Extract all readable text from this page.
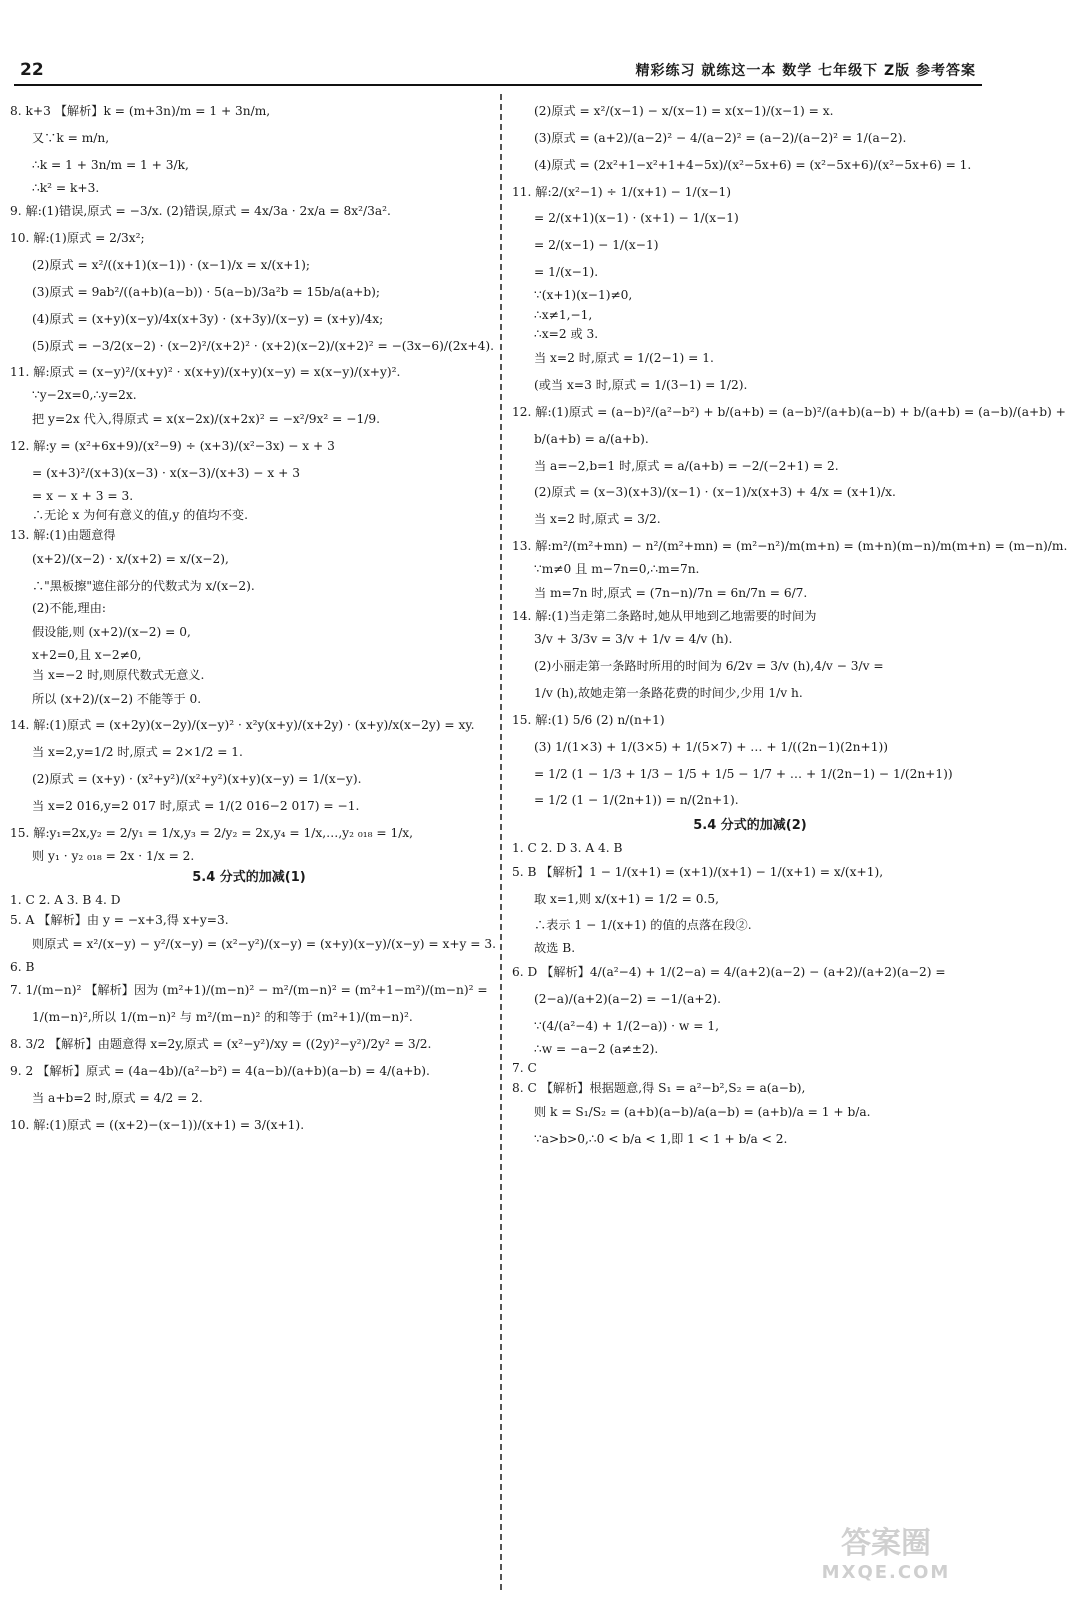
22	精彩练习 就练这一本 数学 七年级下 Z版 参考答案
8. k+3 【解析】k = (m+3n)/m = 1 + 3n/m,
又∵k = m/n,
∴k = 1 + 3n/m = 1 + 3/k,
∴k² = k+3.
9. 解:(1)错误,原式 = −3/x. (2)错误,原式 = 4x/3a · 2x/a = 8x²/3a².
10. 解:(1)原式 = 2/3x²;
(2)原式 = x²/((x+1)(x−1)) · (x−1)/x = x/(x+1);
(3)原式 = 9ab²/((a+b)(a−b)) · 5(a−b)/3a²b = 15b/a(a+b);
(4)原式 = (x+y)(x−y)/4x(x+3y) · (x+3y)/(x−y) = (x+y)/4x;
(5)原式 = −3/2(x−2) · (x−2)²/(x+2)² · (x+2)(x−2)/(x+2)² = −(3x−6)/(2x+4).
11. 解:原式 = (x−y)²/(x+y)² · x(x+y)/(x+y)(x−y) = x(x−y)/(x+y)².
∵y−2x=0,∴y=2x.
把 y=2x 代入,得原式 = x(x−2x)/(x+2x)² = −x²/9x² = −1/9.
12. 解:y = (x²+6x+9)/(x²−9) ÷ (x+3)/(x²−3x) − x + 3
= (x+3)²/(x+3)(x−3) · x(x−3)/(x+3) − x + 3
= x − x + 3 = 3.
∴无论 x 为何有意义的值,y 的值均不变.
13. 解:(1)由题意得
(x+2)/(x−2) · x/(x+2) = x/(x−2),
∴"黑板擦"遮住部分的代数式为 x/(x−2).
(2)不能,理由:
假设能,则 (x+2)/(x−2) = 0,
x+2=0,且 x−2≠0,
当 x=−2 时,则原代数式无意义.
所以 (x+2)/(x−2) 不能等于 0.
14. 解:(1)原式 = (x+2y)(x−2y)/(x−y)² · x²y(x+y)/(x+2y) · (x+y)/x(x−2y) = xy.
当 x=2,y=1/2 时,原式 = 2×1/2 = 1.
(2)原式 = (x+y) · (x²+y²)/(x²+y²)(x+y)(x−y) = 1/(x−y).
当 x=2 016,y=2 017 时,原式 = 1/(2 016−2 017) = −1.
15. 解:y₁=2x,y₂ = 2/y₁ = 1/x,y₃ = 2/y₂ = 2x,y₄ = 1/x,…,y₂ ₀₁₈ = 1/x,
则 y₁ · y₂ ₀₁₈ = 2x · 1/x = 2.
5.4 分式的加减(1)
1. C 2. A 3. B 4. D
5. A 【解析】由 y = −x+3,得 x+y=3.
则原式 = x²/(x−y) − y²/(x−y) = (x²−y²)/(x−y) = (x+y)(x−y)/(x−y) = x+y = 3.
6. B
7. 1/(m−n)² 【解析】因为 (m²+1)/(m−n)² − m²/(m−n)² = (m²+1−m²)/(m−n)² =
1/(m−n)²,所以 1/(m−n)² 与 m²/(m−n)² 的和等于 (m²+1)/(m−n)².
8. 3/2 【解析】由题意得 x=2y,原式 = (x²−y²)/xy = ((2y)²−y²)/2y² = 3/2.
9. 2 【解析】原式 = (4a−4b)/(a²−b²) = 4(a−b)/(a+b)(a−b) = 4/(a+b).
当 a+b=2 时,原式 = 4/2 = 2.
10. 解:(1)原式 = ((x+2)−(x−1))/(x+1) = 3/(x+1).
(2)原式 = x²/(x−1) − x/(x−1) = x(x−1)/(x−1) = x.
(3)原式 = (a+2)/(a−2)² − 4/(a−2)² = (a−2)/(a−2)² = 1/(a−2).
(4)原式 = (2x²+1−x²+1+4−5x)/(x²−5x+6) = (x²−5x+6)/(x²−5x+6) = 1.
11. 解:2/(x²−1) ÷ 1/(x+1) − 1/(x−1)
= 2/(x+1)(x−1) · (x+1) − 1/(x−1)
= 2/(x−1) − 1/(x−1)
= 1/(x−1).
∵(x+1)(x−1)≠0,
∴x≠1,−1,
∴x=2 或 3.
当 x=2 时,原式 = 1/(2−1) = 1.
(或当 x=3 时,原式 = 1/(3−1) = 1/2).
12. 解:(1)原式 = (a−b)²/(a²−b²) + b/(a+b) = (a−b)²/(a+b)(a−b) + b/(a+b) = (a−b)/(a+b) +
b/(a+b) = a/(a+b).
当 a=−2,b=1 时,原式 = a/(a+b) = −2/(−2+1) = 2.
(2)原式 = (x−3)(x+3)/(x−1) · (x−1)/x(x+3) + 4/x = (x+1)/x.
当 x=2 时,原式 = 3/2.
13. 解:m²/(m²+mn) − n²/(m²+mn) = (m²−n²)/m(m+n) = (m+n)(m−n)/m(m+n) = (m−n)/m.
∵m≠0 且 m−7n=0,∴m=7n.
当 m=7n 时,原式 = (7n−n)/7n = 6n/7n = 6/7.
14. 解:(1)当走第二条路时,她从甲地到乙地需要的时间为
3/v + 3/3v = 3/v + 1/v = 4/v (h).
(2)小丽走第一条路时所用的时间为 6/2v = 3/v (h),4/v − 3/v =
1/v (h),故她走第一条路花费的时间少,少用 1/v h.
15. 解:(1) 5/6 (2) n/(n+1)
(3) 1/(1×3) + 1/(3×5) + 1/(5×7) + … + 1/((2n−1)(2n+1))
= 1/2 (1 − 1/3 + 1/3 − 1/5 + 1/5 − 1/7 + … + 1/(2n−1) − 1/(2n+1))
= 1/2 (1 − 1/(2n+1)) = n/(2n+1).
5.4 分式的加减(2)
1. C 2. D 3. A 4. B
5. B 【解析】1 − 1/(x+1) = (x+1)/(x+1) − 1/(x+1) = x/(x+1),
取 x=1,则 x/(x+1) = 1/2 = 0.5,
∴表示 1 − 1/(x+1) 的值的点落在段②.
故选 B.
6. D 【解析】4/(a²−4) + 1/(2−a) = 4/(a+2)(a−2) − (a+2)/(a+2)(a−2) =
(2−a)/(a+2)(a−2) = −1/(a+2).
∵(4/(a²−4) + 1/(2−a)) · w = 1,
∴w = −a−2 (a≠±2).
7. C
8. C 【解析】根据题意,得 S₁ = a²−b²,S₂ = a(a−b),
则 k = S₁/S₂ = (a+b)(a−b)/a(a−b) = (a+b)/a = 1 + b/a.
∵a>b>0,∴0 < b/a < 1,即 1 < 1 + b/a < 2.
答案圈
MXQE.COM
